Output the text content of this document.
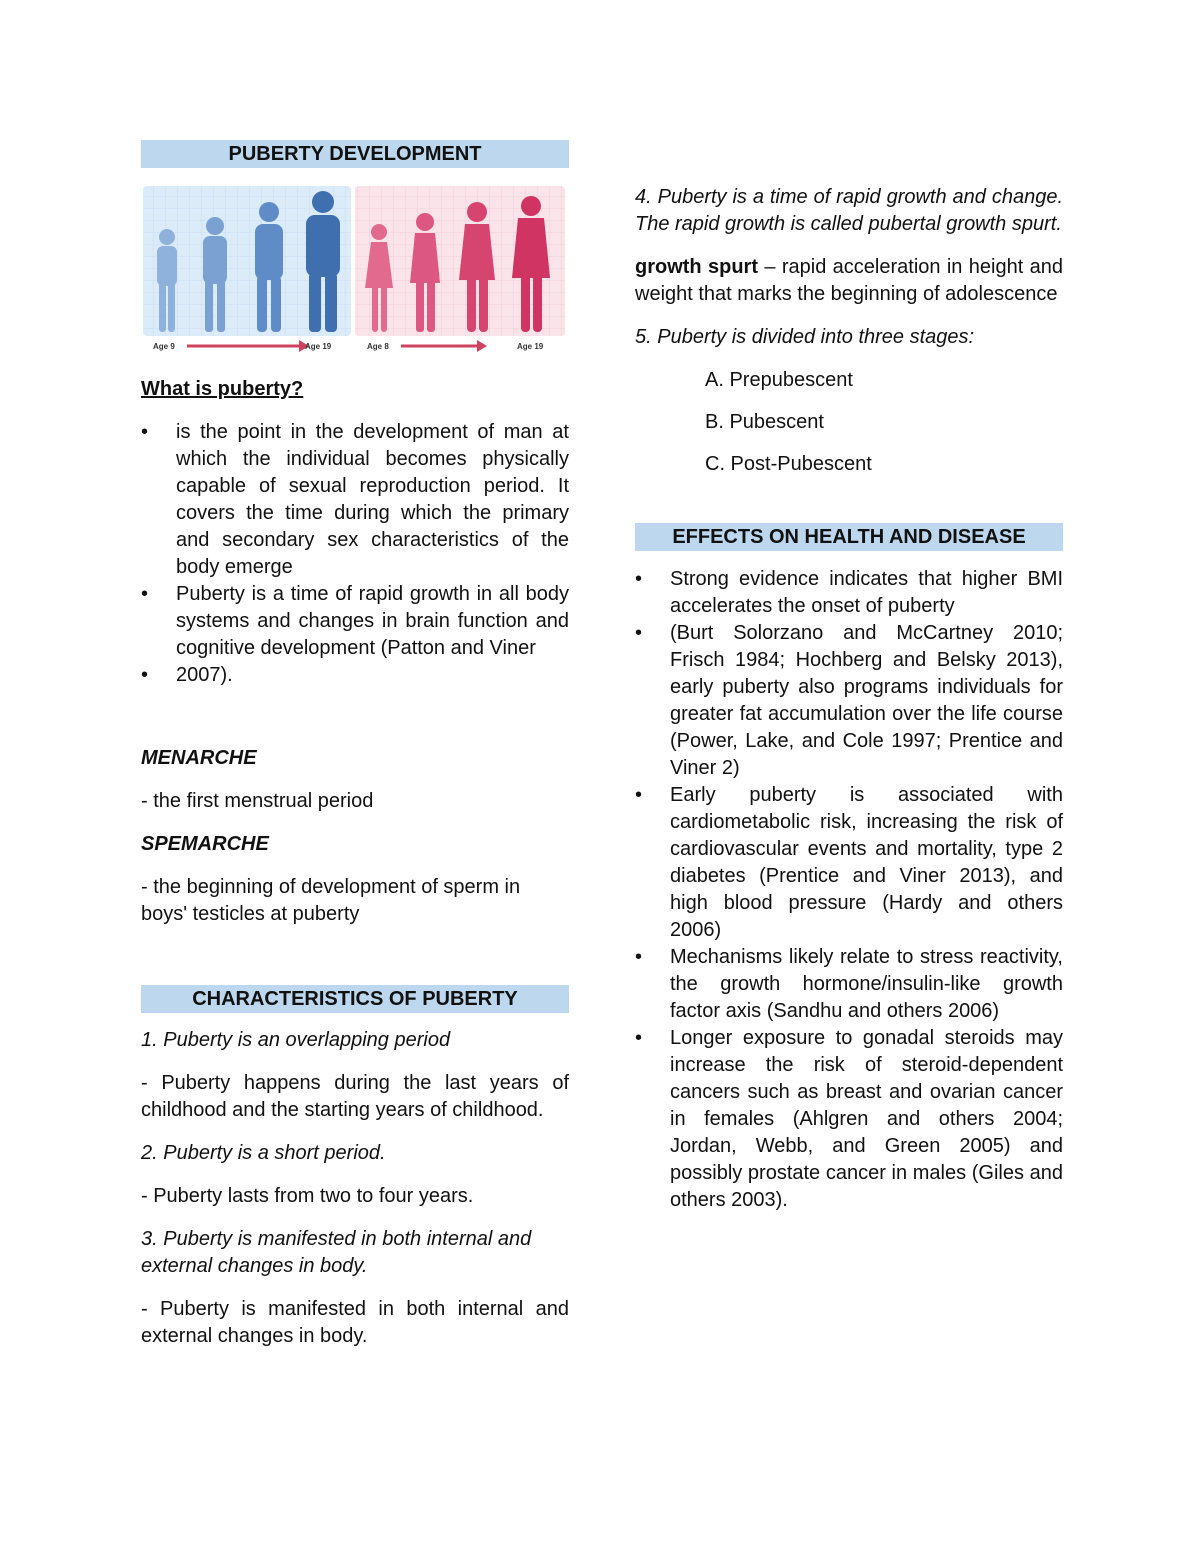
PUBERTY DEVELOPMENT
Age 9	Age 19	Age 8	Age 19
What is puberty?
• is the point in the development of man at which the individual becomes physically capable of sexual reproduction period. It covers the time during which the primary and secondary sex characteristics of the body emerge
• Puberty is a time of rapid growth in all body systems and changes in brain function and cognitive development (Patton and Viner
• 2007).

MENARCHE

- the first menstrual period

SPEMARCHE

- the beginning of development of sperm in boys' testicles at puberty

CHARACTERISTICS OF PUBERTY

1. Puberty is an overlapping period

- Puberty happens during the last years of childhood and the starting years of childhood.

2. Puberty is a short period.

- Puberty lasts from two to four years.

3. Puberty is manifested in both internal and external changes in body.

- Puberty is manifested in both internal and external changes in body.

4. Puberty is a time of rapid growth and change. The rapid growth is called pubertal growth spurt.

growth spurt – rapid acceleration in height and weight that marks the beginning of adolescence

5. Puberty is divided into three stages:

A. Prepubescent

B. Pubescent

C. Post-Pubescent

EFFECTS ON HEALTH AND DISEASE
• Strong evidence indicates that higher BMI accelerates the onset of puberty
• (Burt Solorzano and McCartney 2010; Frisch 1984; Hochberg and Belsky 2013), early puberty also programs individuals for greater fat accumulation over the life course (Power, Lake, and Cole 1997; Prentice and Viner 2)
• Early puberty is associated with cardiometabolic risk, increasing the risk of cardiovascular events and mortality, type 2 diabetes (Prentice and Viner 2013), and high blood pressure (Hardy and others 2006)
• Mechanisms likely relate to stress reactivity, the growth hormone/insulin-like growth factor axis (Sandhu and others 2006)
• Longer exposure to gonadal steroids may increase the risk of steroid-dependent cancers such as breast and ovarian cancer in females (Ahlgren and others 2004; Jordan, Webb, and Green 2005) and possibly prostate cancer in males (Giles and others 2003).
